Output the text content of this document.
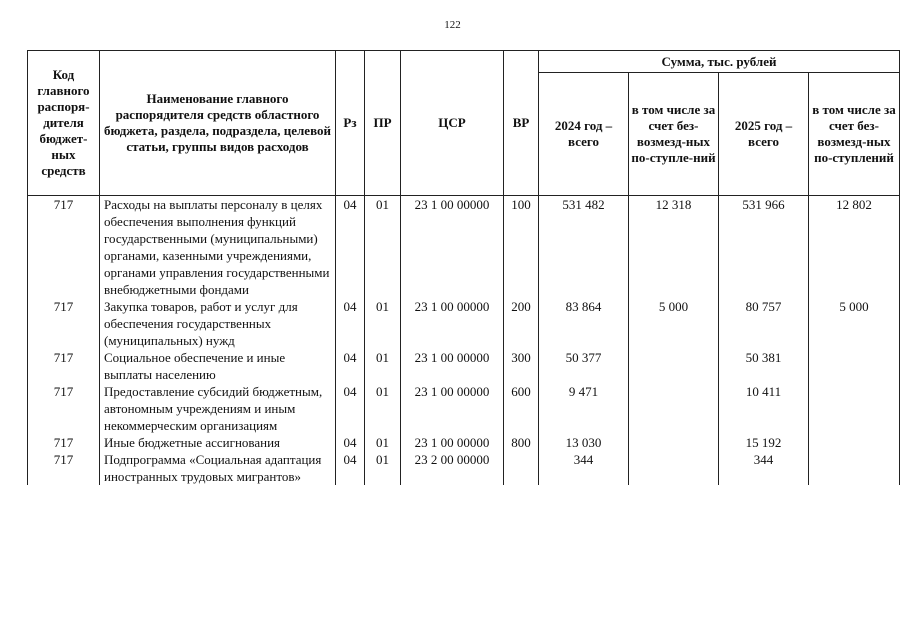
122
Код главного распоря-дителя бюджет-ных средств	Наименование главного распорядителя средств областного бюджета, раздела, подраздела, целевой статьи, группы видов расходов	Рз	ПР	ЦСР	ВР	Сумма, тыс. рублей			
						2024 год – всего	в том числе за счет без-возмезд-ных по-ступле-ний	2025 год – всего	в том числе за счет без-возмезд-ных по-ступлений
717	Расходы на выплаты персоналу в целях обеспечения выполнения функций государственными (муниципальными) органами, казенными учреждениями, органами управления государственными внебюджетными фондами	04	01	23 1 00 00000	100	531 482	12 318	531 966	12 802
717	Закупка товаров, работ и услуг для обеспечения государственных (муниципальных) нужд	04	01	23 1 00 00000	200	83 864	5 000	80 757	5 000
717	Социальное обеспечение и иные выплаты населению	04	01	23 1 00 00000	300	50 377		50 381	
717	Предоставление субсидий бюджетным, автономным учреждениям и иным некоммерческим организациям	04	01	23 1 00 00000	600	9 471		10 411	
717	Иные бюджетные ассигнования	04	01	23 1 00 00000	800	13 030		15 192	
717	Подпрограмма «Социальная адаптация иностранных трудовых мигрантов»	04	01	23 2 00 00000		344		344	
